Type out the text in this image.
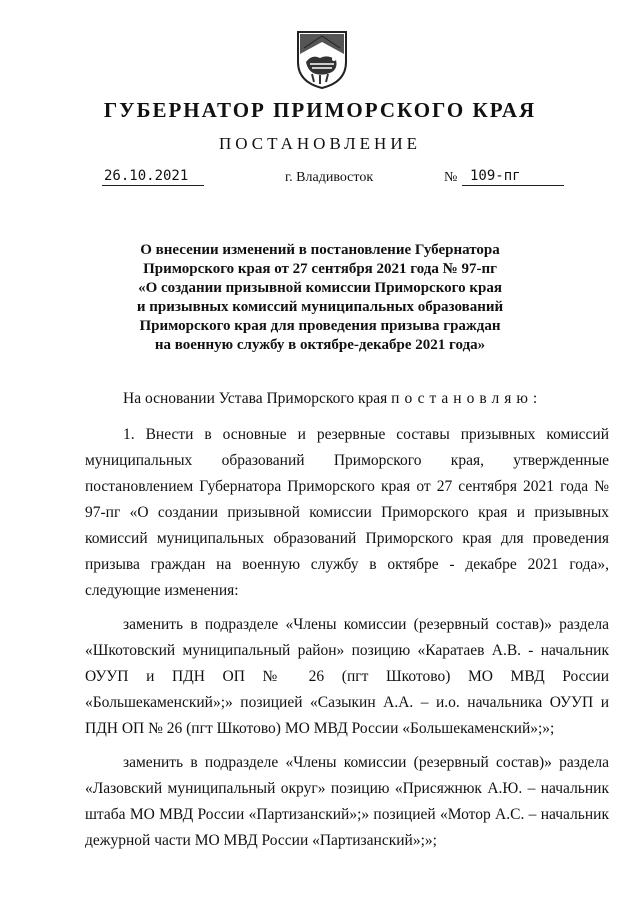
ГУБЕРНАТОР ПРИМОРСКОГО КРАЯ
ПОСТАНОВЛЕНИЕ
26.10.2021	г. Владивосток	№ 109-пг
О внесении изменений в постановление Губернатора
Приморского края от 27 сентября 2021 года № 97-пг
«О создании призывной комиссии Приморского края
и призывных комиссий муниципальных образований
Приморского края для проведения призыва граждан
на военную службу в октябре-декабре 2021 года»

На основании Устава Приморского края постановляю:

1. Внести в основные и резервные составы призывных комиссий муниципальных образований Приморского края, утвержденные постановлением Губернатора Приморского края от 27 сентября 2021 года № 97-пг «О создании призывной комиссии Приморского края и призывных комиссий муниципальных образований Приморского края для проведения призыва граждан на военную службу в октябре - декабре 2021 года», следующие изменения:

заменить в подразделе «Члены комиссии (резервный состав)» раздела «Шкотовский муниципальный район» позицию «Каратаев А.В. - начальник ОУУП и ПДН ОП № 26 (пгт Шкотово) МО МВД России «Большекаменский»;» позицией «Сазыкин А.А. – и.о. начальника ОУУП и ПДН ОП № 26 (пгт Шкотово) МО МВД России «Большекаменский»;»;

заменить в подразделе «Члены комиссии (резервный состав)» раздела «Лазовский муниципальный округ» позицию «Присяжнюк А.Ю. – начальник штаба МО МВД России «Партизанский»;» позицией «Мотор А.С. – начальник дежурной части МО МВД России «Партизанский»;»;
